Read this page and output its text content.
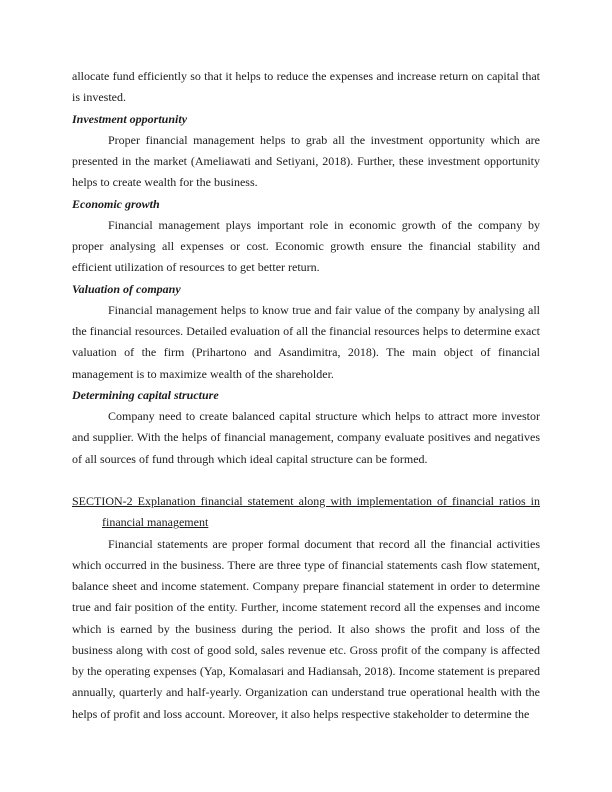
allocate fund efficiently so that it helps to reduce the expenses and increase return on capital that is invested.

Investment opportunity

Proper financial management helps to grab all the investment opportunity which are presented in the market (Ameliawati and Setiyani, 2018). Further, these investment opportunity helps to create wealth for the business.

Economic growth

Financial management plays important role in economic growth of the company by proper analysing all expenses or cost. Economic growth ensure the financial stability and efficient utilization of resources to get better return.

Valuation of company

Financial management helps to know true and fair value of the company by analysing all the financial resources. Detailed evaluation of all the financial resources helps to determine exact valuation of the firm (Prihartono and Asandimitra, 2018). The main object of financial management is to maximize wealth of the shareholder.

Determining capital structure

Company need to create balanced capital structure which helps to attract more investor and supplier. With the helps of financial management, company evaluate positives and negatives of all sources of fund through which ideal capital structure can be formed.

SECTION-2 Explanation financial statement along with implementation of financial ratios in financial management

Financial statements are proper formal document that record all the financial activities which occurred in the business. There are three type of financial statements cash flow statement, balance sheet and income statement. Company prepare financial statement in order to determine true and fair position of the entity. Further, income statement record all the expenses and income which is earned by the business during the period. It also shows the profit and loss of the business along with cost of good sold, sales revenue etc. Gross profit of the company is affected by the operating expenses (Yap, Komalasari and Hadiansah, 2018). Income statement is prepared annually, quarterly and half-yearly. Organization can understand true operational health with the helps of profit and loss account. Moreover, it also helps respective stakeholder to determine the
